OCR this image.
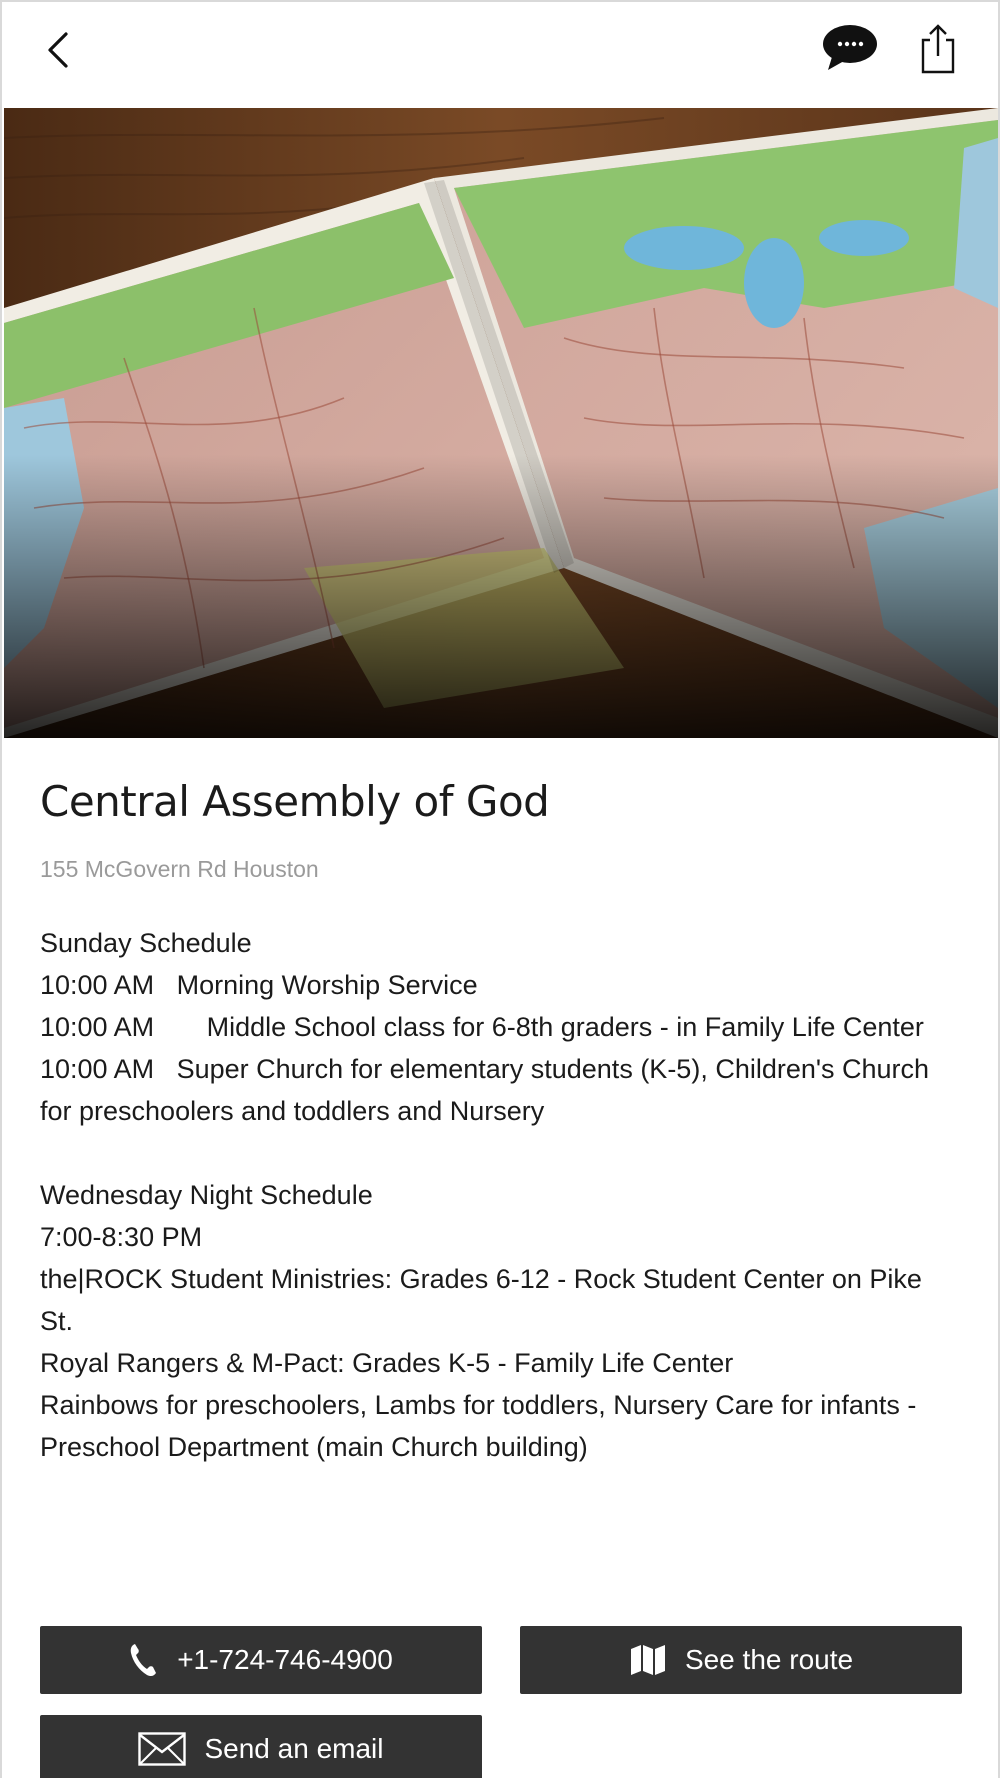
Central Assembly of God
155 McGovern Rd Houston
Sunday Schedule
10:00 AM   Morning Worship Service
10:00 AM       Middle School class for 6-8th graders - in Family Life Center
10:00 AM   Super Church for elementary students (K-5), Children's Church for preschoolers and toddlers and Nursery
Wednesday Night Schedule
7:00-8:30 PM
the|ROCK Student Ministries: Grades 6-12 - Rock Student Center on Pike St.
Royal Rangers & M-Pact: Grades K-5 - Family Life Center
Rainbows for preschoolers, Lambs for toddlers, Nursery Care for infants - Preschool Department (main Church building)
+1-724-746-4900	See the route
Send an email
